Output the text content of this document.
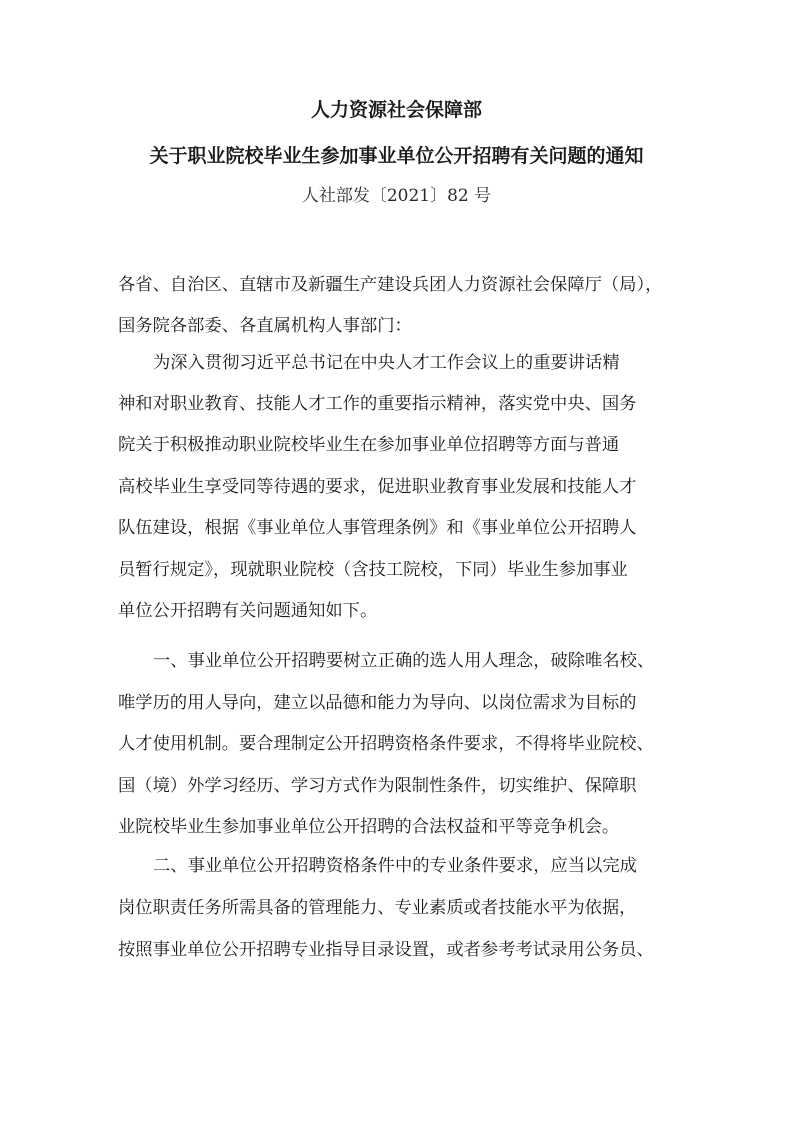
人力资源社会保障部
关于职业院校毕业生参加事业单位公开招聘有关问题的通知
人社部发〔2021〕82 号
各省、自治区、直辖市及新疆生产建设兵团人力资源社会保障厅（局），
国务院各部委、各直属机构人事部门：
为深入贯彻习近平总书记在中央人才工作会议上的重要讲话精
神和对职业教育、技能人才工作的重要指示精神，落实党中央、国务
院关于积极推动职业院校毕业生在参加事业单位招聘等方面与普通
高校毕业生享受同等待遇的要求，促进职业教育事业发展和技能人才
队伍建设，根据《事业单位人事管理条例》和《事业单位公开招聘人
员暂行规定》，现就职业院校（含技工院校，下同）毕业生参加事业
单位公开招聘有关问题通知如下。
一、事业单位公开招聘要树立正确的选人用人理念，破除唯名校、
唯学历的用人导向，建立以品德和能力为导向、以岗位需求为目标的
人才使用机制。要合理制定公开招聘资格条件要求，不得将毕业院校、
国（境）外学习经历、学习方式作为限制性条件，切实维护、保障职
业院校毕业生参加事业单位公开招聘的合法权益和平等竞争机会。
二、事业单位公开招聘资格条件中的专业条件要求，应当以完成
岗位职责任务所需具备的管理能力、专业素质或者技能水平为依据，
按照事业单位公开招聘专业指导目录设置，或者参考考试录用公务员、
